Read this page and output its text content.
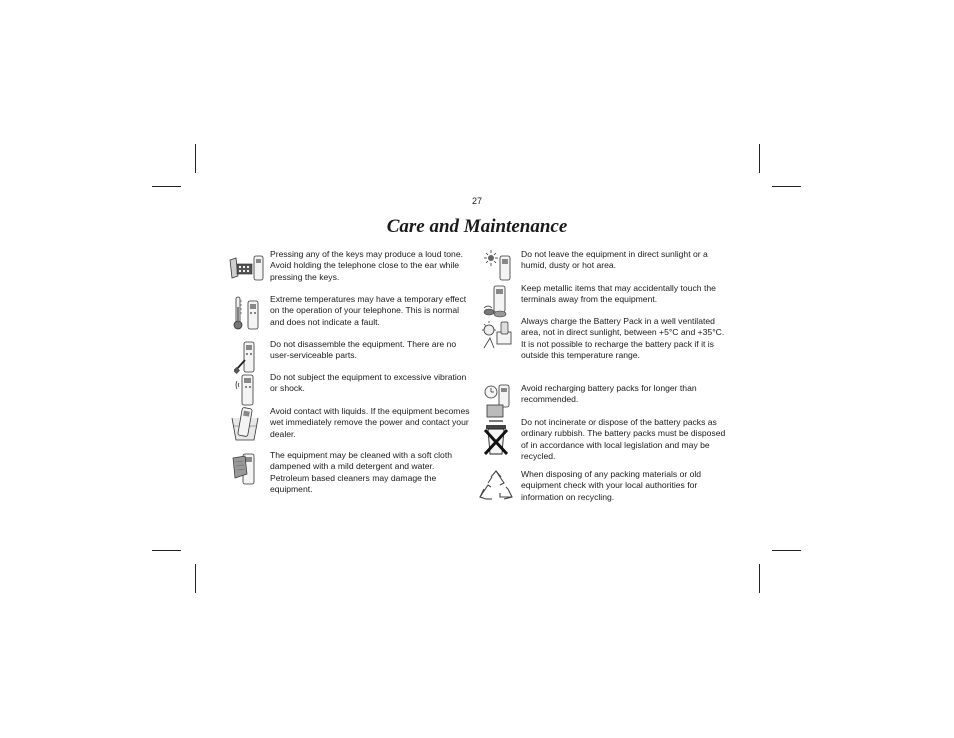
27
Care and Maintenance

Pressing any of the keys may produce a loud tone. Avoid holding the telephone close to the ear while pressing the keys.

Extreme temperatures may have a temporary effect on the operation of your telephone. This is normal and does not indicate a fault.

Do not disassemble the equipment. There are no user-serviceable parts.

Do not subject the equipment to excessive vibration or shock.

Avoid contact with liquids. If the equipment becomes wet immediately remove the power and contact your dealer.

The equipment may be cleaned with a soft cloth dampened with a mild detergent and water. Petroleum based cleaners may damage the equipment.

Do not leave the equipment in direct sunlight or a humid, dusty or hot area.

Keep metallic items that may accidentally touch the terminals away from the equipment.

Always charge the Battery Pack in a well ventilated area, not in direct sunlight, between +5°C and +35°C. It is not possible to recharge the battery pack if it is outside this temperature range.

Avoid recharging battery packs for longer than recommended.

Do not incinerate or dispose of the battery packs as ordinary rubbish. The battery packs must be disposed of in accordance with local legislation and may be recycled.

When disposing of any packing materials or old equipment check with your local authorities for information on recycling.
